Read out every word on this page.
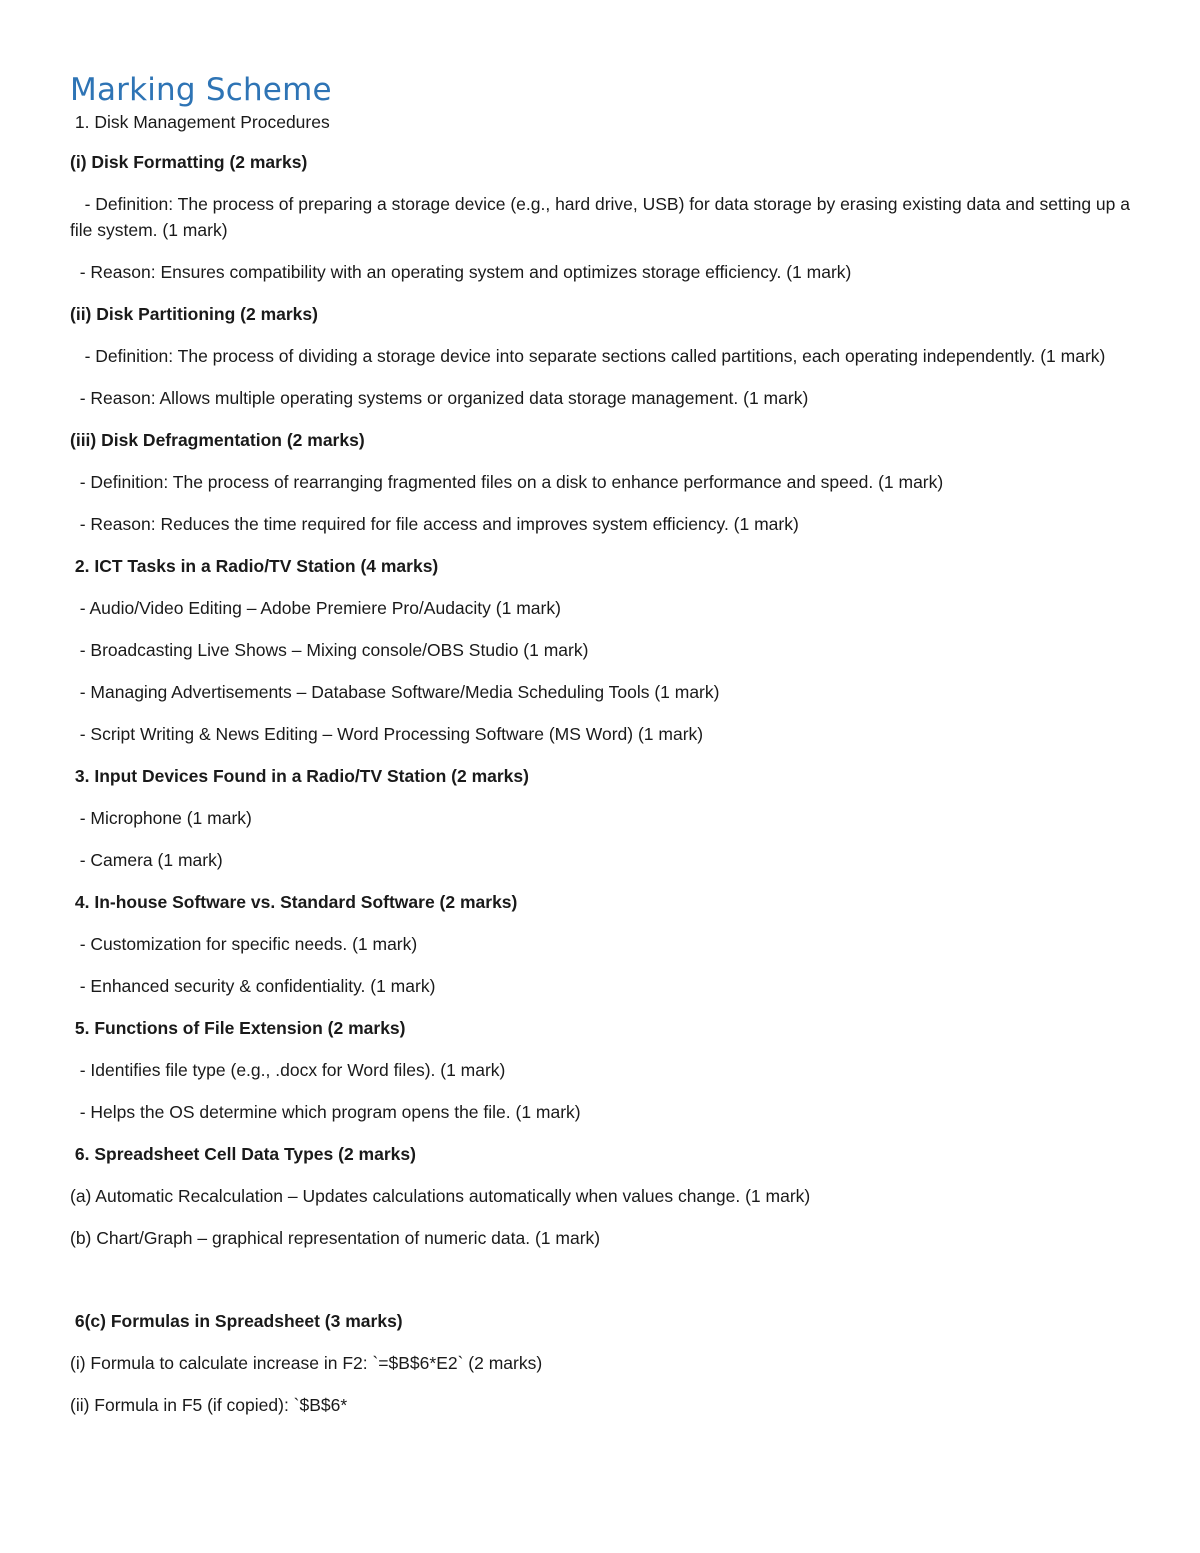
Marking Scheme

1. Disk Management Procedures

(i) Disk Formatting (2 marks)

- Definition: The process of preparing a storage device (e.g., hard drive, USB) for data storage by erasing existing data and setting up a file system. (1 mark)

- Reason: Ensures compatibility with an operating system and optimizes storage efficiency. (1 mark)

(ii) Disk Partitioning (2 marks)

- Definition: The process of dividing a storage device into separate sections called partitions, each operating independently. (1 mark)

- Reason: Allows multiple operating systems or organized data storage management. (1 mark)

(iii) Disk Defragmentation (2 marks)

- Definition: The process of rearranging fragmented files on a disk to enhance performance and speed. (1 mark)

- Reason: Reduces the time required for file access and improves system efficiency. (1 mark)

2. ICT Tasks in a Radio/TV Station (4 marks)

- Audio/Video Editing – Adobe Premiere Pro/Audacity (1 mark)

- Broadcasting Live Shows – Mixing console/OBS Studio (1 mark)

- Managing Advertisements – Database Software/Media Scheduling Tools (1 mark)

- Script Writing & News Editing – Word Processing Software (MS Word) (1 mark)

3. Input Devices Found in a Radio/TV Station (2 marks)

- Microphone (1 mark)

- Camera (1 mark)

4. In-house Software vs. Standard Software (2 marks)

- Customization for specific needs. (1 mark)

- Enhanced security & confidentiality. (1 mark)

5. Functions of File Extension (2 marks)

- Identifies file type (e.g., .docx for Word files). (1 mark)

- Helps the OS determine which program opens the file. (1 mark)

6. Spreadsheet Cell Data Types (2 marks)

(a) Automatic Recalculation – Updates calculations automatically when values change. (1 mark)

(b) Chart/Graph – graphical representation of numeric data. (1 mark)

6(c) Formulas in Spreadsheet (3 marks)

(i) Formula to calculate increase in F2: `=$B$6*E2` (2 marks)

(ii) Formula in F5 (if copied): `$B$6*
